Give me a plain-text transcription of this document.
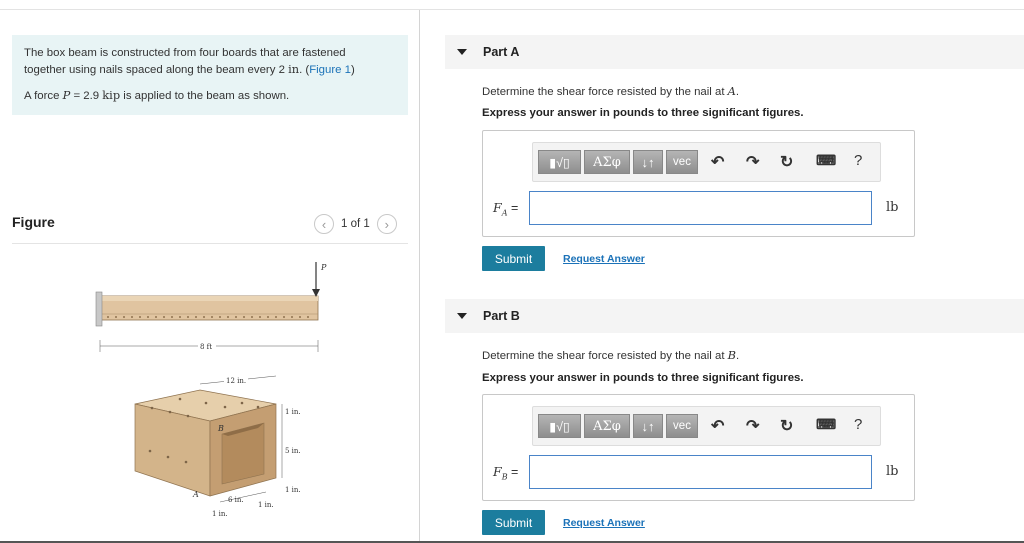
The box beam is constructed from four boards that are fastened
together using nails spaced along the beam every 2 in. (Figure 1)

A force P = 2.9 kip is applied to the beam as shown.

Figure	‹ 1 of 1 ›
P
8 ft
12 in.
1 in.
5 in.
1 in.
6 in.
1 in.
1 in.
A
B
Part A
Determine the shear force resisted by the nail at A.
Express your answer in pounds to three significant figures.
▮√▯	ΑΣφ	↓↑	vec	↶ ↷ ↻ ⌨ ?
$F_A$ =	lb
Submit	Request Answer
Part B
Determine the shear force resisted by the nail at B.
Express your answer in pounds to three significant figures.
▮√▯	ΑΣφ	↓↑	vec	↶ ↷ ↻ ⌨ ?
$F_B$ =	lb
Submit	Request Answer
